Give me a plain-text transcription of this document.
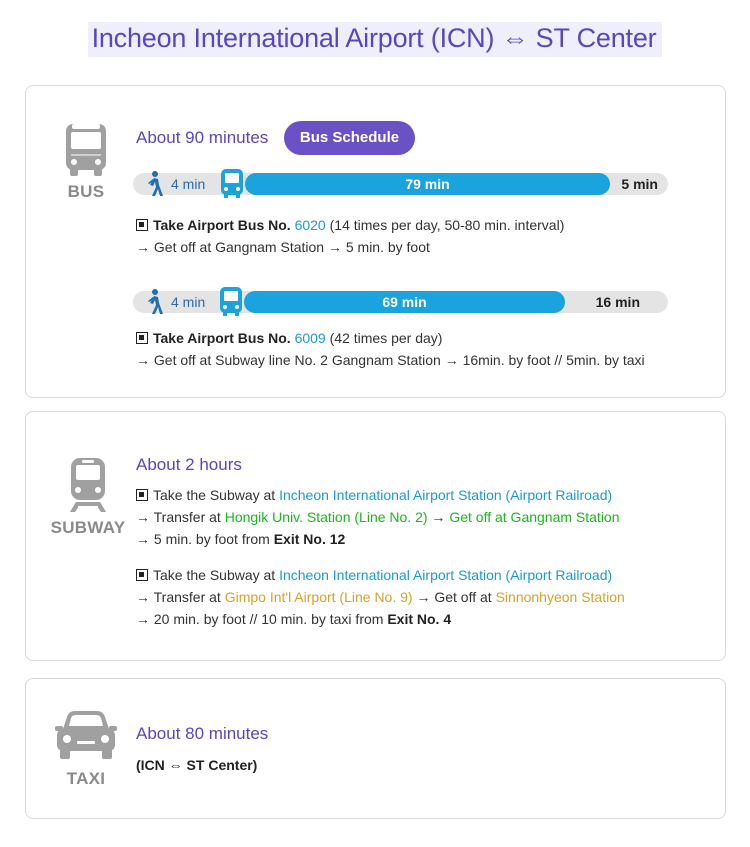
Incheon International Airport (ICN) ⇔ ST Center
BUS
About 90 minutes	Bus Schedule
4 min	79 min	5 min
Take Airport Bus No. 6020 (14 times per day, 50-80 min. interval)
→ Get off at Gangnam Station → 5 min. by foot
4 min	69 min	16 min
Take Airport Bus No. 6009 (42 times per day)
→ Get off at Subway line No. 2 Gangnam Station → 16min. by foot // 5min. by taxi
SUBWAY
About 2 hours
Take the Subway at Incheon International Airport Station (Airport Railroad)
→ Transfer at Hongik Univ. Station (Line No. 2) → Get off at Gangnam Station
→ 5 min. by foot from Exit No. 12
Take the Subway at Incheon International Airport Station (Airport Railroad)
→ Transfer at Gimpo Int'l Airport (Line No. 9) → Get off at Sinnonhyeon Station
→ 20 min. by foot // 10 min. by taxi from Exit No. 4
TAXI
About 80 minutes
(ICN ⇔ ST Center)
